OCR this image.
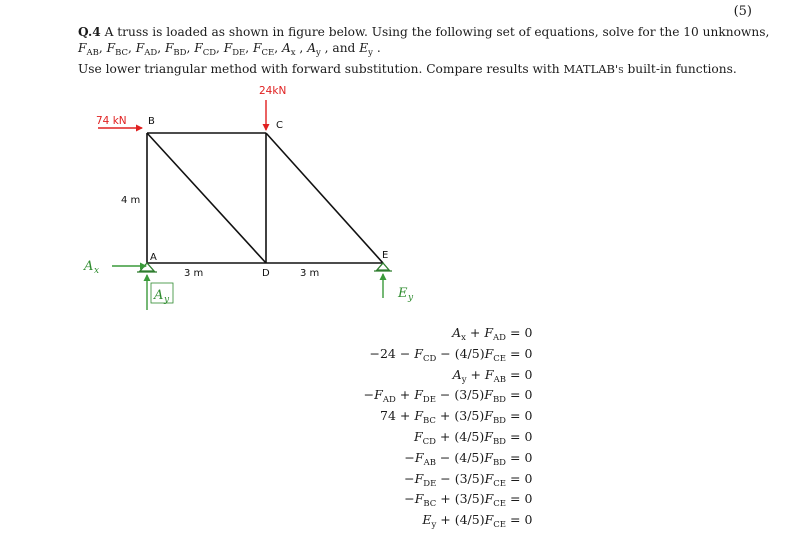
(5)
Q.4 A truss is loaded as shown in figure below. Using the following set of equations, solve for the 10 unknowns,
$F_{AB}$, $F_{BC}$, $F_{AD}$, $F_{BD}$, $F_{CD}$, $F_{DE}$, $F_{CE}$, $A_x$ , $A_y$ , and $E_y$ .
Use lower triangular method with forward substitution. Compare results with MATLAB's built-in functions.
24kN
74 kN B	C
A
D
E
4 m
3 m	3 m
A x
A y	E y
$A_x + F_{AD} = 0$
$-24 - F_{CD} - (4/5)F_{CE} = 0$
$A_y + F_{AB} = 0$
$-F_{AD} + F_{DE} - (3/5)F_{BD} = 0$
$74 + F_{BC} + (3/5)F_{BD} = 0$
$F_{CD} + (4/5)F_{BD} = 0$
$-F_{AB} - (4/5)F_{BD} = 0$
$-F_{DE} - (3/5)F_{CE} = 0$
$-F_{BC} + (3/5)F_{CE} = 0$
$E_y + (4/5)F_{CE} = 0$
